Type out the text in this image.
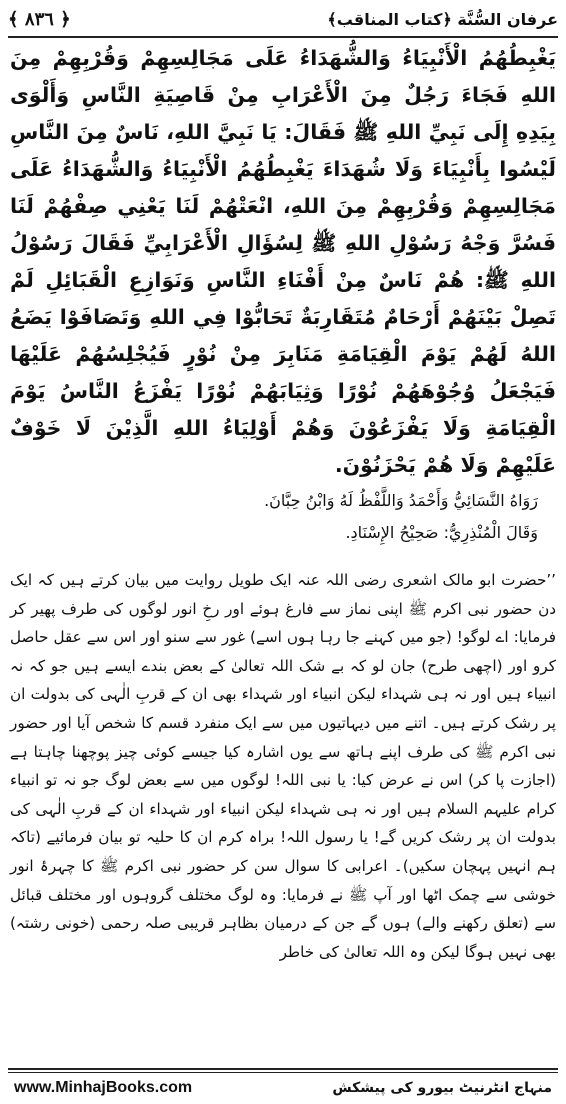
﴾ ٨٣٦ ﴿	عرفان السُّنَّة ﴿كتاب المناقب﴾

يَغْبِطُهُمُ الْأَنْبِيَاءُ وَالشُّهَدَاءُ عَلَى مَجَالِسِهِمْ وَقُرْبِهِمْ مِنَ اللهِ فَجَاءَ رَجُلٌ مِنَ الْأَعْرَابِ مِنْ قَاصِيَةِ النَّاسِ وَأَلْوَى بِيَدِهِ إِلَى نَبِيِّ اللهِ ﷺ فَقَالَ: يَا نَبِيَّ اللهِ، نَاسٌ مِنَ النَّاسِ لَيْسُوا بِأَنْبِيَاءَ وَلَا شُهَدَاءَ يَغْبِطُهُمُ الْأَنْبِيَاءُ وَالشُّهَدَاءُ عَلَى مَجَالِسِهِمْ وَقُرْبِهِمْ مِنَ اللهِ، انْعَتْهُمْ لَنَا يَعْنِي صِفْهُمْ لَنَا فَسُرَّ وَجْهُ رَسُوْلِ اللهِ ﷺ لِسُؤَالِ الْأَعْرَابِيِّ فَقَالَ رَسُوْلُ اللهِ ﷺ: هُمْ نَاسٌ مِنْ أَفْنَاءِ النَّاسِ وَنَوَازِعِ الْقَبَائِلِ لَمْ تَصِلْ بَيْنَهُمْ أَرْحَامٌ مُتَقَارِبَةٌ تَحَابُّوْا فِي اللهِ وَتَصَافَوْا يَضَعُ اللهُ لَهُمْ يَوْمَ الْقِيَامَةِ مَنَابِرَ مِنْ نُوْرٍ فَيُجْلِسُهُمْ عَلَيْهَا فَيَجْعَلُ وُجُوْهَهُمْ نُوْرًا وَثِيَابَهُمْ نُوْرًا يَفْزَعُ النَّاسُ يَوْمَ الْقِيَامَةِ وَلَا يَفْزَعُوْنَ وَهُمْ أَوْلِيَاءُ اللهِ الَّذِيْنَ لَا خَوْفٌ عَلَيْهِمْ وَلَا هُمْ يَحْزَنُوْنَ.

رَوَاهُ النَّسَائِيُّ وَأَحْمَدُ وَاللَّفْظُ لَهُ وَابْنُ حِبَّانَ.

وَقَالَ الْمُنْذِرِيُّ: صَحِيْحُ الإِسْنَادِ.

’’حضرت ابو مالک اشعری رضی اللہ عنہ ایک طویل روایت میں بیان کرتے ہیں کہ ایک دن حضور نبی اکرم ﷺ اپنی نماز سے فارغ ہوئے اور رخِ انور لوگوں کی طرف پھیر کر فرمایا: اے لوگو! (جو میں کہنے جا رہا ہوں اسے) غور سے سنو اور اس سے عقل حاصل کرو اور (اچھی طرح) جان لو کہ بے شک اللہ تعالیٰ کے بعض بندے ایسے ہیں جو کہ نہ انبیاء ہیں اور نہ ہی شہداء لیکن انبیاء اور شہداء بھی ان کے قربِ الٰہی کی بدولت ان پر رشک کرتے ہیں۔ اتنے میں دیہاتیوں میں سے ایک منفرد قسم کا شخص آیا اور حضور نبی اکرم ﷺ کی طرف اپنے ہاتھ سے یوں اشارہ کیا جیسے کوئی چیز پوچھنا چاہتا ہے (اجازت پا کر) اس نے عرض کیا: یا نبی اللہ! لوگوں میں سے بعض لوگ جو نہ تو انبیاء کرام علیہم السلام ہیں اور نہ ہی شہداء لیکن انبیاء اور شہداء ان کے قربِ الٰہی کی بدولت ان پر رشک کریں گے! یا رسول اللہ! براہ کرم ان کا حلیہ تو بیان فرمائیے (تاکہ ہم انہیں پہچان سکیں)۔ اعرابی کا سوال سن کر حضور نبی اکرم ﷺ کا چہرۂ انور خوشی سے چمک اٹھا اور آپ ﷺ نے فرمایا: وہ لوگ مختلف گروہوں اور مختلف قبائل سے (تعلق رکھنے والے) ہوں گے جن کے درمیان بظاہر قریبی صلہ رحمی (خونی رشتہ) بھی نہیں ہوگا لیکن وہ اللہ تعالیٰ کی خاطر

www.MinhajBooks.com	منہاج انٹرنیٹ بیورو کی پیشکش
